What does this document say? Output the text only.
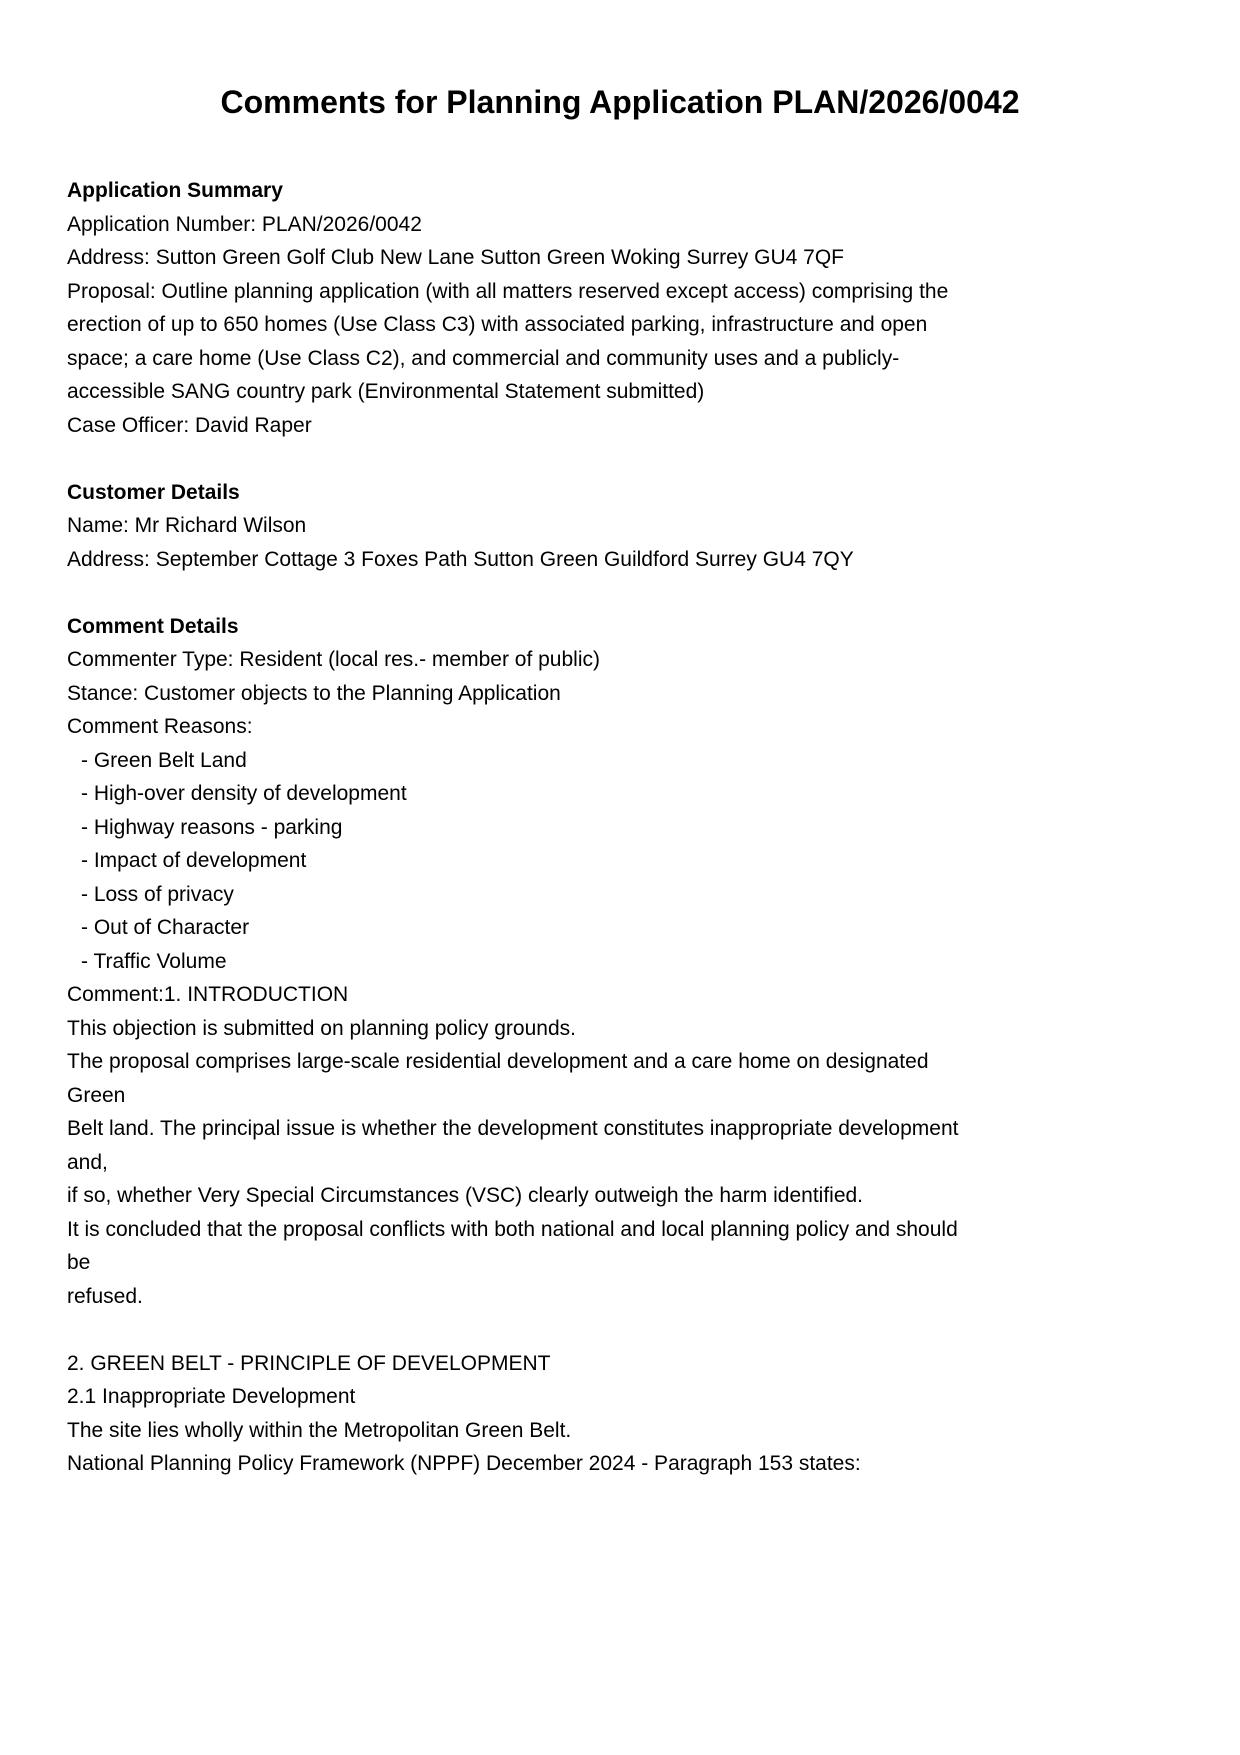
Comments for Planning Application PLAN/2026/0042
Application Summary
Application Number: PLAN/2026/0042
Address: Sutton Green Golf Club New Lane Sutton Green Woking Surrey GU4 7QF
Proposal: Outline planning application (with all matters reserved except access) comprising the
erection of up to 650 homes (Use Class C3) with associated parking, infrastructure and open
space; a care home (Use Class C2), and commercial and community uses and a publicly-
accessible SANG country park (Environmental Statement submitted)
Case Officer: David Raper
Customer Details
Name: Mr Richard Wilson
Address: September Cottage 3 Foxes Path Sutton Green Guildford Surrey GU4 7QY
Comment Details
Commenter Type: Resident (local res.- member of public)
Stance: Customer objects to the Planning Application
Comment Reasons:
- Green Belt Land
- High-over density of development
- Highway reasons - parking
- Impact of development
- Loss of privacy
- Out of Character
- Traffic Volume
Comment:1. INTRODUCTION
This objection is submitted on planning policy grounds.
The proposal comprises large-scale residential development and a care home on designated
Green
Belt land. The principal issue is whether the development constitutes inappropriate development
and,
if so, whether Very Special Circumstances (VSC) clearly outweigh the harm identified.
It is concluded that the proposal conflicts with both national and local planning policy and should
be
refused.
2. GREEN BELT - PRINCIPLE OF DEVELOPMENT
2.1 Inappropriate Development
The site lies wholly within the Metropolitan Green Belt.
National Planning Policy Framework (NPPF) December 2024 - Paragraph 153 states:
